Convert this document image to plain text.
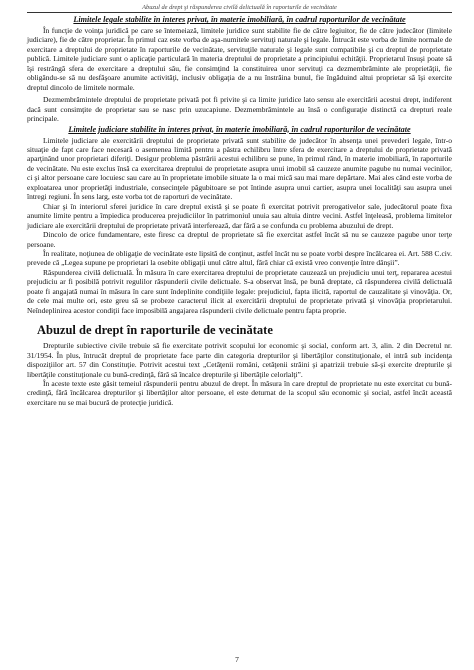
Abuzul de drept şi răspunderea civilă delictuală în raporturile de vecinătate
Limitele legale stabilite în interes privat, în materie imobiliară, în cadrul raporturilor de vecinătate

În funcţie de voinţa juridică pe care se întemeiază, limitele juridice sunt stabilite fie de către legiuitor, fie de către judecător (limitele judiciare), fie de către proprietar. În primul caz este vorba de aşa-numitele servituţi naturale şi legale. Întrucât este vorba de limite normale de exercitare a dreptului de proprietate în raporturile de vecinătate, servituţile naturale şi legale sunt compatibile şi cu dreptul de proprietate publică. Limitele judiciare sunt o aplicaţie particulară în materia dreptului de proprietate a principiului echităţii. Proprietarul însuşi poate să îşi restrângă sfera de exercitare a dreptului său, fie consimţind la constituirea unor servituţi ca dezmembrăminte ale proprietăţii, fie obligându-se să nu desfăşoare anumite activităţi, inclusiv obligaţia de a nu înstrăina bunul, fie îngăduind altui proprietar să îşi exercite dreptul dincolo de limitele normale.

Dezmembrămintele dreptului de proprietate privată pot fi privite şi ca limite juridice lato sensu ale exercitării acestui drept, indiferent dacă sunt consimţite de proprietar sau se nasc prin uzucapiune. Dezmembrămintele au însă o configuraţie distinctă ca drepturi reale principale.

Limitele judiciare stabilite în interes privat, în materie imobiliară, în cadrul raporturilor de vecinătate

Limitele judiciare ale exercitării dreptului de proprietate privată sunt stabilite de judecător în absenţa unei prevederi legale, într-o situaţie de fapt care face necesară o asemenea limită pentru a păstra echilibru între sfera de exercitare a dreptului de proprietate privată aparţinând unor proprietari diferiţi. Desigur problema păstrării acestui echilibru se pune, în primul rând, în materie imobiliară, în raporturile de vecinătate. Nu este exclus însă ca exercitarea dreptului de proprietate asupra unui imobil să cauzeze anumite pagube nu numai vecinilor, ci şi altor persoane care locuiesc sau care au în proprietate imobile situate la o mai mică sau mai mare depărtare. Mai ales când este vorba de exploatarea unor proprietăţi industriale, consecinţele păgubitoare se pot întinde asupra unui cartier, asupra unei localităţi sau asupra unei întregi regiuni. În sens larg, este vorba tot de raporturi de vecinătate.

Chiar şi în interiorul sferei juridice în care dreptul există şi se poate fi exercitat potrivit prerogativelor sale, judecătorul poate fixa anumite limite pentru a împiedica producerea prejudiciilor în patrimoniul unuia sau altuia dintre vecini. Astfel înţeleasă, problema limitelor judiciare ale exercitării dreptului de proprietate privată interferează, dar fără a se confunda cu problema abuzului de drept.

Dincolo de orice fundamentare, este firesc ca dreptul de proprietate să fie exercitat astfel încât să nu se cauzeze pagube unor terţe persoane.

În realitate, noţiunea de obligaţie de vecinătate este lipsită de conţinut, astfel încât nu se poate vorbi despre încălcarea ei. Art. 588 C.civ. prevede că „Legea supune pe proprietari la osebite obligaţii unul către altul, fără chiar că există vreo convenţie între dânşii”.

Răspunderea civilă delictuală. În măsura în care exercitarea dreptului de proprietate cauzează un prejudiciu unui terţ, repararea acestui prejudiciu ar fi posibilă potrivit regulilor răspunderii civile delictuale. S-a observat însă, pe bună dreptate, că răspunderea civilă delictuală poate fi angajată numai în măsura în care sunt îndeplinite condiţiile legale: prejudiciul, fapta ilicită, raportul de cauzalitate şi vinovăţia. Or, de cele mai multe ori, este greu să se probeze caracterul ilicit al exercitării dreptului de proprietate privată şi vinovăţia proprietarului. Neîndeplinirea acestor condiţii face imposibilă angajarea răspunderii civile delictuale pentru fapta proprie.

Abuzul de drept în raporturile de vecinătate

Drepturile subiective civile trebuie să fie exercitate potrivit scopului lor economic şi social, conform art. 3, alin. 2 din Decretul nr. 31/1954. În plus, întrucât dreptul de proprietate face parte din categoria drepturilor şi libertăţilor constituţionale, el intră sub incidenţa dispoziţiilor art. 57 din Constituţie. Potrivit acestui text „Cetăţenii români, cetăţenii străini şi apatrizii trebuie să-şi exercite drepturile şi libertăţile constituţionale cu bună-credinţă, fără să încalce drepturile şi libertăţile celorlalţi”.

În aceste texte este găsit temeiul răspunderii pentru abuzul de drept. În măsura în care dreptul de proprietate nu este exercitat cu bună-credinţă, fără încălcarea drepturilor şi libertăţilor altor persoane, el este deturnat de la scopul său economic şi social, astfel încât această exercitare nu se mai bucură de protecţie juridică.

7
